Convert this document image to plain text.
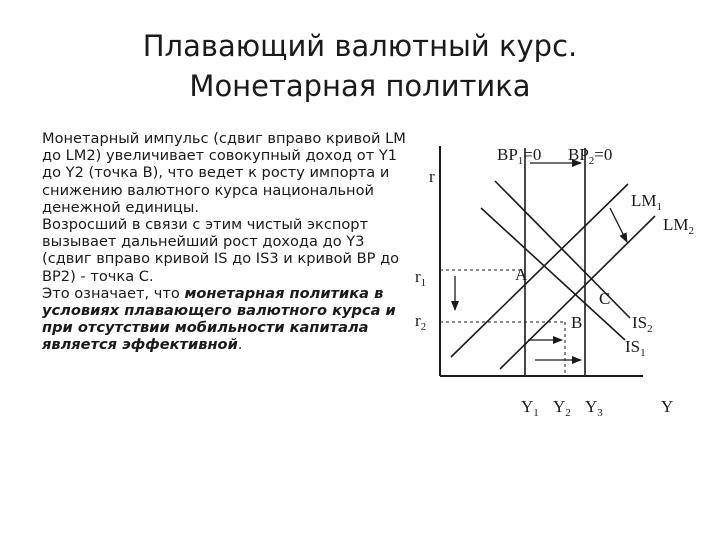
Плавающий валютный курс.
Монетарная политика

Монетарный импульс (сдвиг вправо кривой LM до LM2) увеличивает совокупный доход от Y1 до Y2 (точка B), что ведет к росту импорта и снижению валютного курса национальной денежной единицы.

Возросший в связи с этим чистый экспорт вызывает дальнейший рост дохода до Y3 (сдвиг вправо кривой IS до IS3 и кривой BP до BP2) - точка C.

Это означает, что монетарная политика в условиях плавающего валютного курса и при отсутствии мобильности капитала является эффективной.

$BP_1=0$ $BP_2=0$
r
$LM_1$
$LM_2$
A
C
B	$IS_2$
$IS_1$
$r_1$
$r_2$
$Y_1$ $Y_2$ $Y_3$	Y
